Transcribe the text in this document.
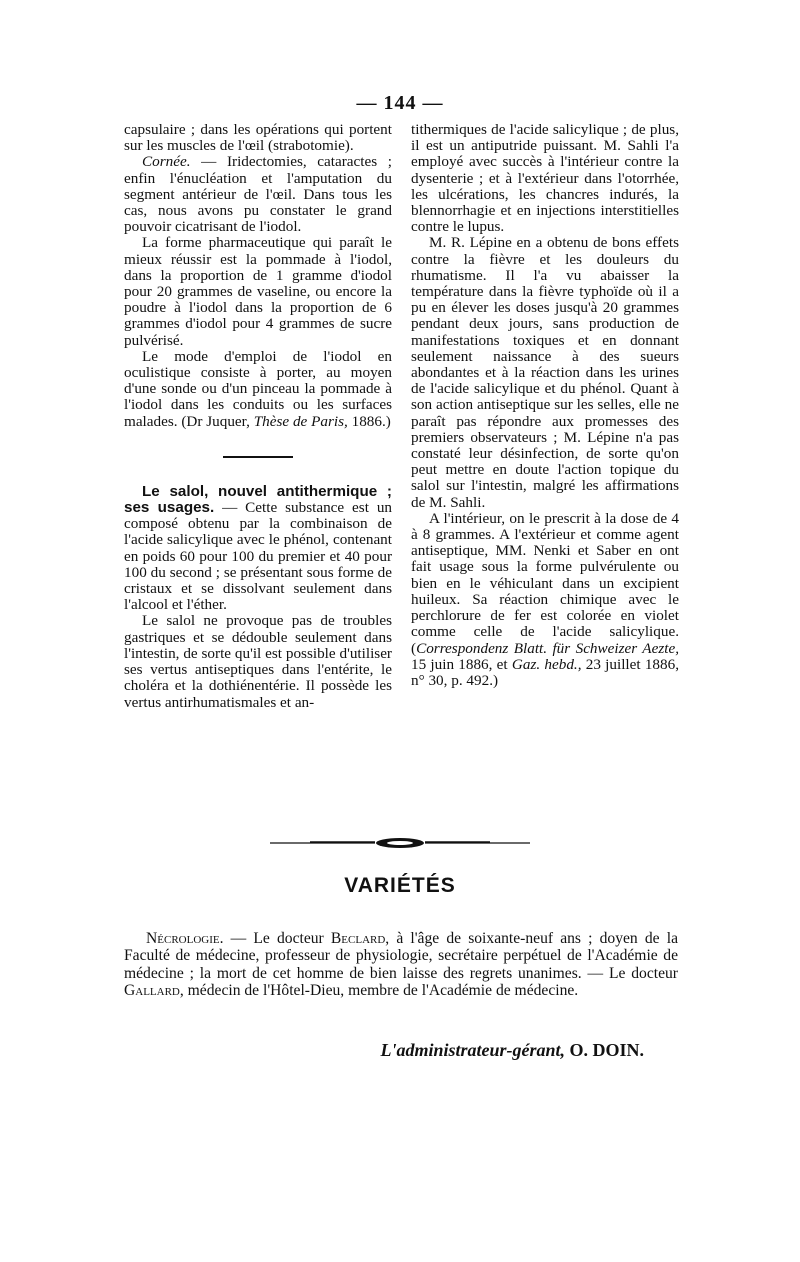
— 144 —

capsulaire ; dans les opérations qui portent sur les muscles de l'œil (strabotomie).

Cornée. — Iridectomies, cataractes ; enfin l'énucléation et l'amputation du segment antérieur de l'œil. Dans tous les cas, nous avons pu constater le grand pouvoir cicatrisant de l'iodol.

La forme pharmaceutique qui paraît le mieux réussir est la pommade à l'iodol, dans la proportion de 1 gramme d'iodol pour 20 grammes de vaseline, ou encore la poudre à l'iodol dans la proportion de 6 grammes d'iodol pour 4 grammes de sucre pulvérisé.

Le mode d'emploi de l'iodol en oculistique consiste à porter, au moyen d'une sonde ou d'un pinceau la pommade à l'iodol dans les conduits ou les surfaces malades. (Dr Juquer, Thèse de Paris, 1886.)

Le salol, nouvel antithermique ; ses usages. — Cette substance est un composé obtenu par la combinaison de l'acide salicylique avec le phénol, contenant en poids 60 pour 100 du premier et 40 pour 100 du second ; se présentant sous forme de cristaux et se dissolvant seulement dans l'alcool et l'éther.

Le salol ne provoque pas de troubles gastriques et se dédouble seulement dans l'intestin, de sorte qu'il est possible d'utiliser ses vertus antiseptiques dans l'entérite, le choléra et la dothiénentérie. Il possède les vertus antirhumatismales et an-

tithermiques de l'acide salicylique ; de plus, il est un antiputride puissant. M. Sahli l'a employé avec succès à l'intérieur contre la dysenterie ; et à l'extérieur dans l'otorrhée, les ulcérations, les chancres indurés, la blennorrhagie et en injections interstitielles contre le lupus.

M. R. Lépine en a obtenu de bons effets contre la fièvre et les douleurs du rhumatisme. Il l'a vu abaisser la température dans la fièvre typhoïde où il a pu en élever les doses jusqu'à 20 grammes pendant deux jours, sans production de manifestations toxiques et en donnant seulement naissance à des sueurs abondantes et à la réaction dans les urines de l'acide salicylique et du phénol. Quant à son action antiseptique sur les selles, elle ne paraît pas répondre aux promesses des premiers observateurs ; M. Lépine n'a pas constaté leur désinfection, de sorte qu'on peut mettre en doute l'action topique du salol sur l'intestin, malgré les affirmations de M. Sahli.

A l'intérieur, on le prescrit à la dose de 4 à 8 grammes. A l'extérieur et comme agent antiseptique, MM. Nenki et Saber en ont fait usage sous la forme pulvérulente ou bien en le véhiculant dans un excipient huileux. Sa réaction chimique avec le perchlorure de fer est colorée en violet comme celle de l'acide salicylique. (Correspondenz Blatt. für Schweizer Aezte, 15 juin 1886, et Gaz. hebd., 23 juillet 1886, n° 30, p. 492.)

VARIÉTÉS

Nécrologie. — Le docteur Beclard, à l'âge de soixante-neuf ans ; doyen de la Faculté de médecine, professeur de physiologie, secrétaire perpétuel de l'Académie de médecine ; la mort de cet homme de bien laisse des regrets unanimes. — Le docteur Gallard, médecin de l'Hôtel-Dieu, membre de l'Académie de médecine.

L'administrateur-gérant, O. DOIN.
